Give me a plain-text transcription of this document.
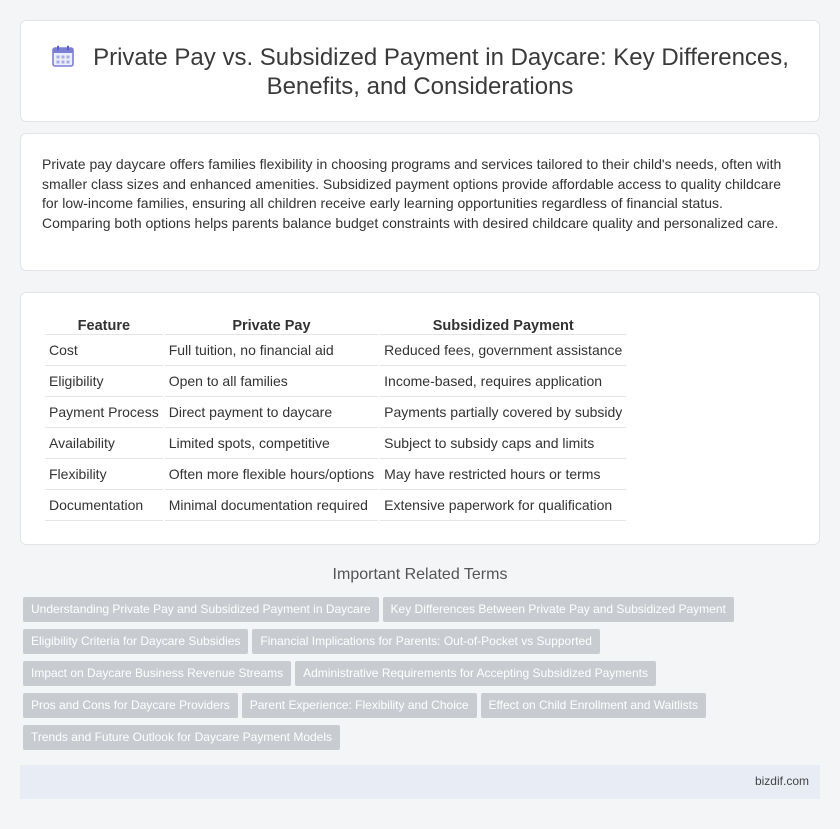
Private Pay vs. Subsidized Payment in Daycare: Key Differences, Benefits, and Considerations

Private pay daycare offers families flexibility in choosing programs and services tailored to their child's needs, often with smaller class sizes and enhanced amenities. Subsidized payment options provide affordable access to quality childcare for low-income families, ensuring all children receive early learning opportunities regardless of financial status. Comparing both options helps parents balance budget constraints with desired childcare quality and personalized care.

Feature	Private Pay	Subsidized Payment
Cost	Full tuition, no financial aid	Reduced fees, government assistance
Eligibility	Open to all families	Income-based, requires application
Payment Process	Direct payment to daycare	Payments partially covered by subsidy
Availability	Limited spots, competitive	Subject to subsidy caps and limits
Flexibility	Often more flexible hours/options	May have restricted hours or terms
Documentation	Minimal documentation required	Extensive paperwork for qualification
Important Related Terms
Understanding Private Pay and Subsidized Payment in Daycare Key Differences Between Private Pay and Subsidized Payment
Eligibility Criteria for Daycare Subsidies Financial Implications for Parents: Out-of-Pocket vs Supported
Impact on Daycare Business Revenue Streams Administrative Requirements for Accepting Subsidized Payments
Pros and Cons for Daycare Providers Parent Experience: Flexibility and Choice Effect on Child Enrollment and Waitlists
Trends and Future Outlook for Daycare Payment Models
bizdif.com
